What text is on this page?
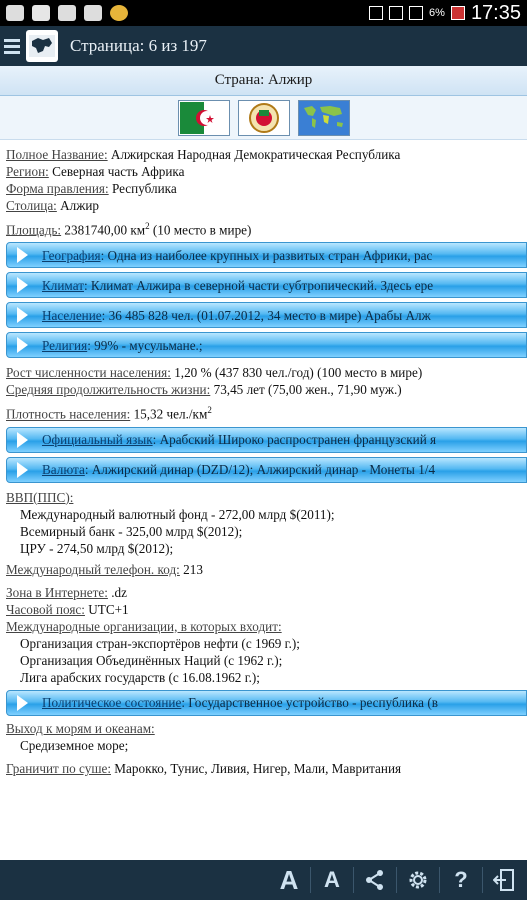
6% 17:35
Страница: 6 из 197
Страна: Алжир
Полное Название: Алжирская Народная Демократическая Республика
Регион: Северная часть Африка
Форма правления: Республика
Столица: Алжир
Площадь: 2381740,00 $км^2$ (10 место в мире)
География: Одна из наиболее крупных и развитых стран Африки, рас
Климат: Климат Алжира в северной части субтропический. Здесь ере
Население: 36 485 828 чел. (01.07.2012, 34 место в мире) Арабы Алж
Религия: 99% - мусульмане.;
Рост численности населения: 1,20 % (437 830 чел./год) (100 место в мире)
Средняя продолжительность жизни: 73,45 лет (75,00 жен., 71,90 муж.)
Плотность населения: 15,32 $чел./км^2$
Официальный язык: Арабский Широко распространен французский я
Валюта: Алжирский динар (DZD/12); Алжирский динар - Монеты 1/4
ВВП(ППС):
Международный валютный фонд - 272,00 млрд $(2011);
Всемирный банк - 325,00 млрд $(2012);
ЦРУ - 274,50 млрд $(2012);
Международный телефон. код: 213
Зона в Интернете: .dz
Часовой пояс: UTC+1
Международные организации, в которых входит:
Организация стран-экспортёров нефти (с 1969 г.);
Организация Объединённых Наций (с 1962 г.);
Лига арабских государств (с 16.08.1962 г.);
Политическое состояние: Государственное устройство - республика (в
Выход к морям и океанам:
Средиземное море;
Граничит по суше: Марокко, Тунис, Ливия, Нигер, Мали, Мавритания
A	A	?
